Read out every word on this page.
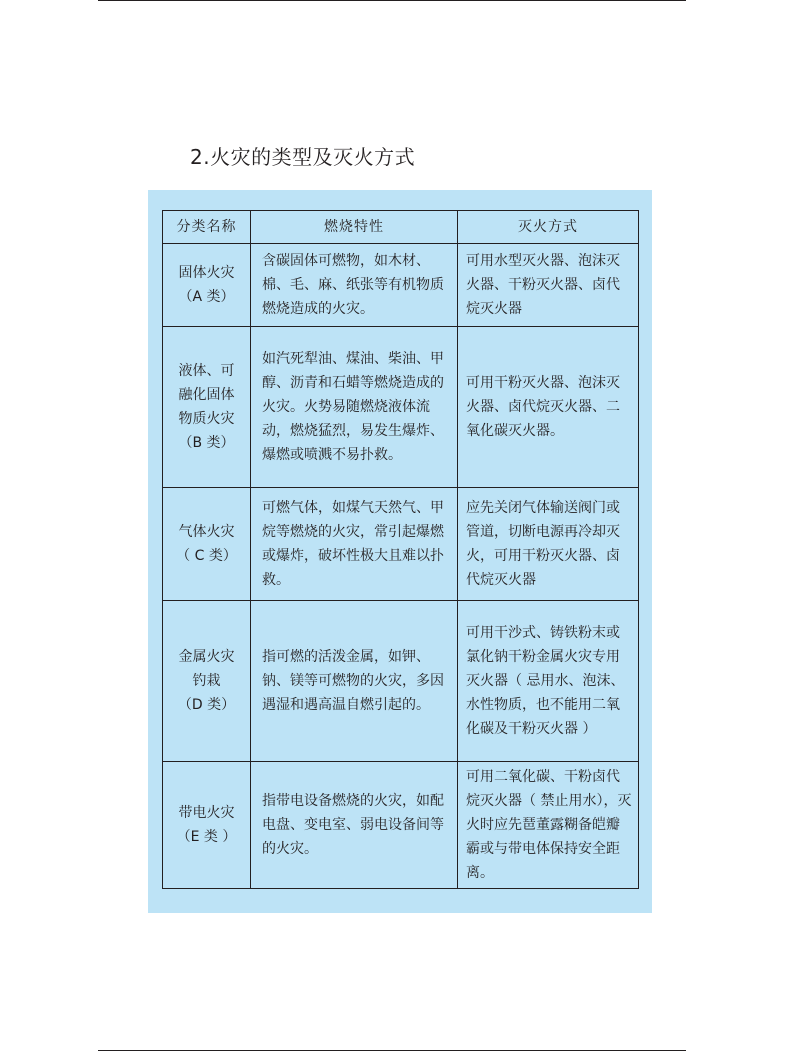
2.火灾的类型及灭火方式
分类名称	燃烧特性	灭火方式

固体火灾
（A 类）	含碳固体可燃物，如木材、棉、毛、麻、纸张等有机物质燃烧造成的火灾。	可用水型灭火器、泡沫灭火器、干粉灭火器、卤代烷灭火器

液体、可
融化固体
物质火灾
（B 类）	如汽死犁油、煤油、柴油、甲醇、沥青和石蜡等燃烧造成的火灾。火势易随燃烧液体流动，燃烧猛烈，易发生爆炸、爆燃或喷溅不易扑救。	可用干粉灭火器、泡沫灭火器、卤代烷灭火器、二氧化碳灭火器。

气体火灾
（ C 类）	可燃气体，如煤气天然气、甲烷等燃烧的火灾，常引起爆燃或爆炸，破坏性极大且难以扑救。	应先关闭气体输送阀门或管道，切断电源再冷却灭火，可用干粉灭火器、卤代烷灭火器

金属火灾
钓栽
（D 类）	指可燃的活泼金属，如钾、钠、镁等可燃物的火灾，多因遇湿和遇高温自燃引起的。	可用干沙式、铸铁粉末或氯化钠干粉金属火灾专用灭火器（ 忌用水、泡沫、水性物质，也不能用二氧化碳及干粉灭火器 ）

带电火灾
（E 类 ）	指带电设备燃烧的火灾，如配电盘、变电室、弱电设备间等的火灾。	可用二氧化碳、干粉卤代烷灭火器（ 禁止用水），灭火时应先琶董露糊备皑瓣霸或与带电体保持安全距离。
